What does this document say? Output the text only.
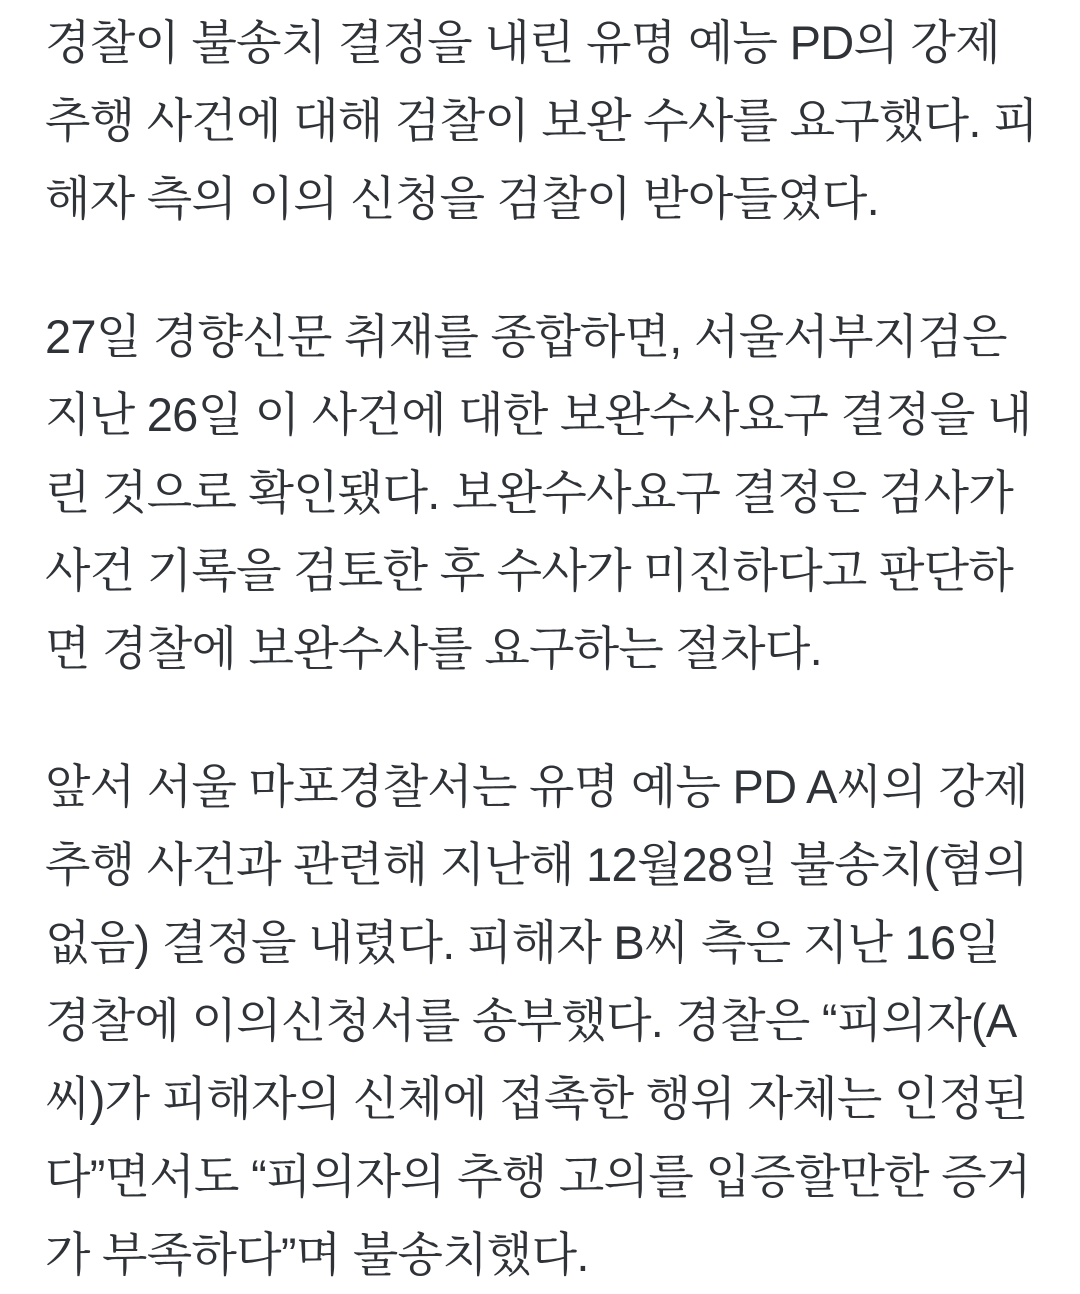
경찰이 불송치 결정을 내린 유명 예능 PD의 강제 추행 사건에 대해 검찰이 보완 수사를 요구했다. 피해자 측의 이의 신청을 검찰이 받아들였다.

27일 경향신문 취재를 종합하면, 서울서부지검은 지난 26일 이 사건에 대한 보완수사요구 결정을 내린 것으로 확인됐다. 보완수사요구 결정은 검사가 사건 기록을 검토한 후 수사가 미진하다고 판단하면 경찰에 보완수사를 요구하는 절차다.

앞서 서울 마포경찰서는 유명 예능 PD A씨의 강제 추행 사건과 관련해 지난해 12월28일 불송치(혐의없음) 결정을 내렸다. 피해자 B씨 측은 지난 16일 경찰에 이의신청서를 송부했다. 경찰은 “피의자(A씨)가 피해자의 신체에 접촉한 행위 자체는 인정된다”면서도 “피의자의 추행 고의를 입증할만한 증거가 부족하다”며 불송치했다.
